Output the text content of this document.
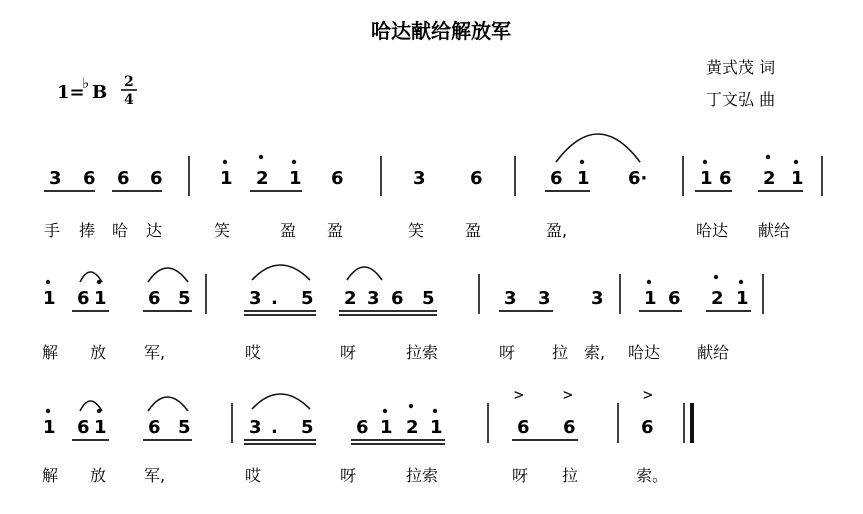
哈达献给解放军
黄式茂 词
丁文弘 曲
1=
♭ B 2
4
3 6 6 6	1 2 1 6	3 6	6 1 6·	1 6 2 1
手 捧 哈 达	笑	盈 盈	笑	盈	盈,	哈达 献给
1 6 1 6 5	3 . 5 2 3 6 5	3 3 3 1 6 2 1
解 放 军,	哎	呀	拉索	呀 拉 索, 哈达 献给
1 6 1 6 5	3 . 5 6 1 2 1	6 6	6
> >	>
解 放 军,	哎	呀	拉索	呀 拉	索。
